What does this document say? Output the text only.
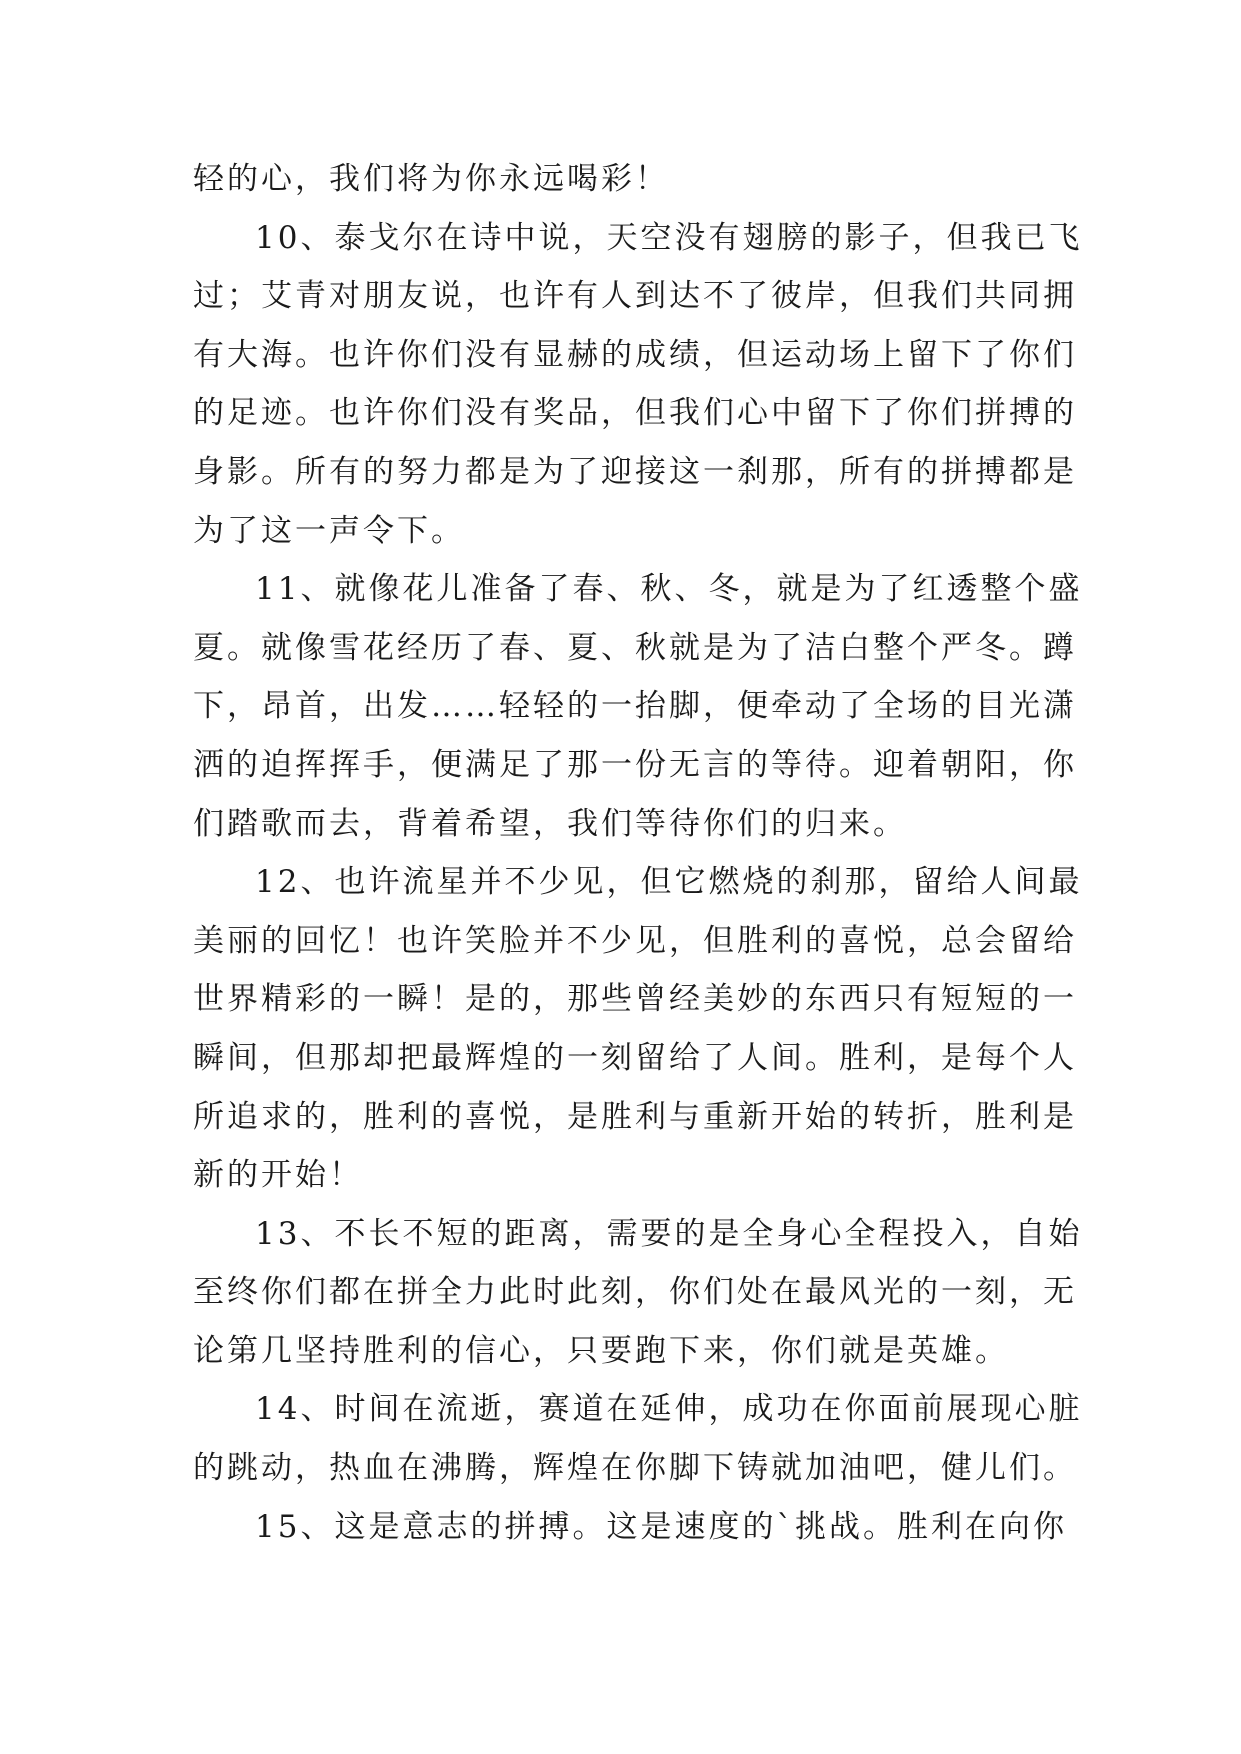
轻的心，我们将为你永远喝彩！
10、泰戈尔在诗中说，天空没有翅膀的影子，但我已飞
过；艾青对朋友说，也许有人到达不了彼岸，但我们共同拥
有大海。也许你们没有显赫的成绩，但运动场上留下了你们
的足迹。也许你们没有奖品，但我们心中留下了你们拼搏的
身影。所有的努力都是为了迎接这一刹那，所有的拼搏都是
为了这一声令下。
11、就像花儿准备了春、秋、冬，就是为了红透整个盛
夏。就像雪花经历了春、夏、秋就是为了洁白整个严冬。蹲
下，昂首，出发……轻轻的一抬脚，便牵动了全场的目光潇
洒的迫挥挥手，便满足了那一份无言的等待。迎着朝阳，你
们踏歌而去，背着希望，我们等待你们的归来。
12、也许流星并不少见，但它燃烧的刹那，留给人间最
美丽的回忆！也许笑脸并不少见，但胜利的喜悦，总会留给
世界精彩的一瞬！是的，那些曾经美妙的东西只有短短的一
瞬间，但那却把最辉煌的一刻留给了人间。胜利，是每个人
所追求的，胜利的喜悦，是胜利与重新开始的转折，胜利是
新的开始！
13、不长不短的距离，需要的是全身心全程投入，自始
至终你们都在拼全力此时此刻，你们处在最风光的一刻，无
论第几坚持胜利的信心，只要跑下来，你们就是英雄。
14、时间在流逝，赛道在延伸，成功在你面前展现心脏
的跳动，热血在沸腾，辉煌在你脚下铸就加油吧，健儿们。
15、这是意志的拼搏。这是速度的`挑战。胜利在向你
